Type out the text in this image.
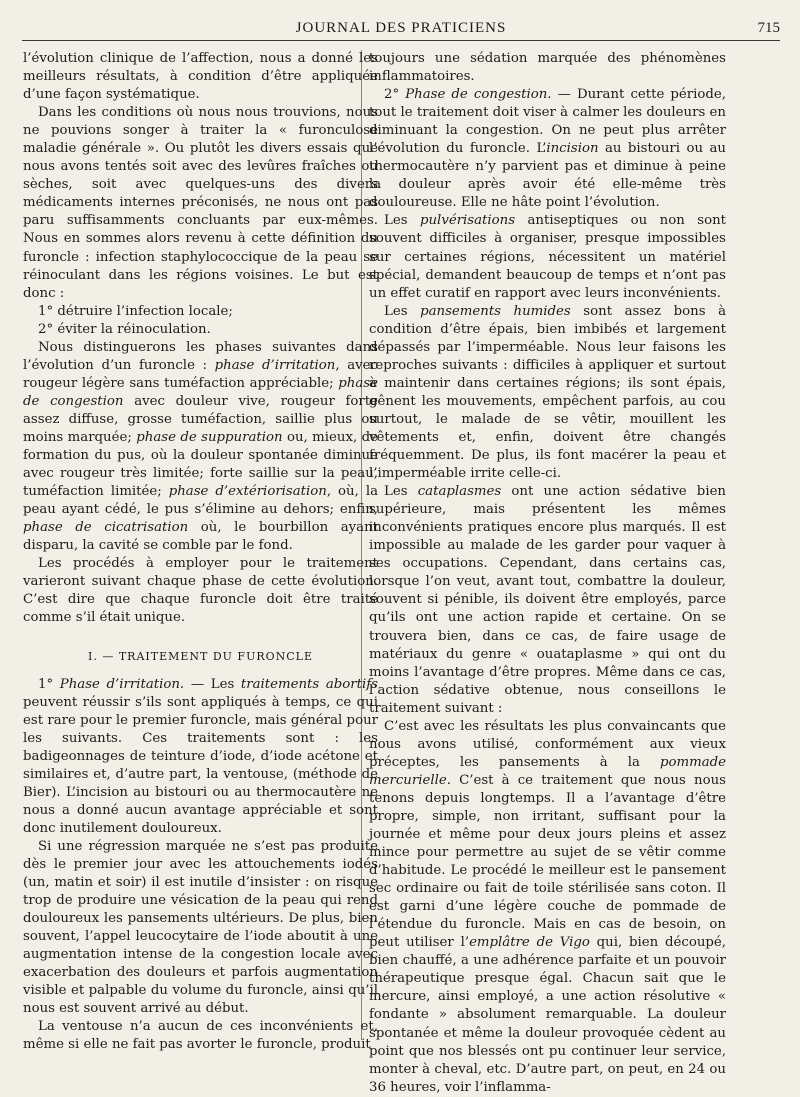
JOURNAL DES PRATICIENS	715

l’évolution clinique de l’affection, nous a donné les meilleurs résultats, à condition d’être appliquée d’une façon systématique.

Dans les conditions où nous nous trouvions, nous ne pouvions songer à traiter la « furonculose maladie générale ». Ou plutôt les divers essais que nous avons tentés soit avec des levûres fraîches ou sèches, soit avec quelques-uns des divers médicaments internes préconisés, ne nous ont pas paru suffisamments concluants par eux-mêmes. Nous en sommes alors revenu à cette définition du furoncle : infection staphylococcique de la peau se réinoculant dans les régions voisines. Le but est donc :

1° détruire l’infection locale;

2° éviter la réinoculation.

Nous distinguerons les phases suivantes dans l’évolution d’un furoncle : phase d’irritation, avec rougeur légère sans tuméfaction appréciable; phase de congestion avec douleur vive, rougeur forte assez diffuse, grosse tuméfaction, saillie plus ou moins marquée; phase de suppuration ou, mieux, de formation du pus, où la douleur spontanée diminue avec rougeur très limitée; forte saillie sur la peau, tuméfaction limitée; phase d’extériorisation, où, la peau ayant cédé, le pus s’élimine au dehors; enfin, phase de cicatrisation où, le bourbillon ayant disparu, la cavité se comble par le fond.

Les procédés à employer pour le traitement varieront suivant chaque phase de cette évolution. C’est dire que chaque furoncle doit être traité comme s’il était unique.

I. — TRAITEMENT DU FURONCLE

1° Phase d’irritation. — Les traitements abortifs peuvent réussir s’ils sont appliqués à temps, ce qui est rare pour le premier furoncle, mais général pour les suivants. Ces traitements sont : les badigeonnages de teinture d’iode, d’iode acétone et similaires et, d’autre part, la ventouse, (méthode de Bier). L’incision au bistouri ou au thermocautère ne nous a donné aucun avantage appréciable et sont donc inutilement douloureux.

Si une régression marquée ne s’est pas produite dès le premier jour avec les attouchements iodés (un, matin et soir) il est inutile d’insister : on risque trop de produire une vésication de la peau qui rend douloureux les pansements ultérieurs. De plus, bien souvent, l’appel leucocytaire de l’iode aboutit à une augmentation intense de la congestion locale avec exacerbation des douleurs et parfois augmentation visible et palpable du volume du furoncle, ainsi qu’il nous est souvent arrivé au début.

La ventouse n’a aucun de ces inconvénients et, même si elle ne fait pas avorter le furoncle, produit

toujours une sédation marquée des phénomènes inflammatoires.

2° Phase de congestion. — Durant cette période, tout le traitement doit viser à calmer les douleurs en diminuant la congestion. On ne peut plus arrêter l’évolution du furoncle. L’incision au bistouri ou au thermocautère n’y parvient pas et diminue à peine la douleur après avoir été elle-même très douloureuse. Elle ne hâte point l’évolution.

Les pulvérisations antiseptiques ou non sont souvent difficiles à organiser, presque impossibles sur certaines régions, nécessitent un matériel spécial, demandent beaucoup de temps et n’ont pas un effet curatif en rapport avec leurs inconvénients.

Les pansements humides sont assez bons à condition d’être épais, bien imbibés et largement dépassés par l’imperméable. Nous leur faisons les reproches suivants : difficiles à appliquer et surtout à maintenir dans certaines régions; ils sont épais, gênent les mouvements, empêchent parfois, au cou surtout, le malade de se vêtir, mouillent les vêtements et, enfin, doivent être changés fréquemment. De plus, ils font macérer la peau et l’imperméable irrite celle-ci.

Les cataplasmes ont une action sédative bien supérieure, mais présentent les mêmes inconvénients pratiques encore plus marqués. Il est impossible au malade de les garder pour vaquer à ses occupations. Cependant, dans certains cas, lorsque l’on veut, avant tout, combattre la douleur, souvent si pénible, ils doivent être employés, parce qu’ils ont une action rapide et certaine. On se trouvera bien, dans ce cas, de faire usage de matériaux du genre « ouataplasme » qui ont du moins l’avantage d’être propres. Même dans ce cas, l’action sédative obtenue, nous conseillons le traitement suivant :

C’est avec les résultats les plus convaincants que nous avons utilisé, conformément aux vieux préceptes, les pansements à la pommade mercurielle. C’est à ce traitement que nous nous tenons depuis longtemps. Il a l’avantage d’être propre, simple, non irritant, suffisant pour la journée et même pour deux jours pleins et assez mince pour permettre au sujet de se vêtir comme d’habitude. Le procédé le meilleur est le pansement sec ordinaire ou fait de toile stérilisée sans coton. Il est garni d’une légère couche de pommade de l’étendue du furoncle. Mais en cas de besoin, on peut utiliser l’emplâtre de Vigo qui, bien découpé, bien chauffé, a une adhérence parfaite et un pouvoir thérapeutique presque égal. Chacun sait que le mercure, ainsi employé, a une action résolutive « fondante » absolument remarquable. La douleur spontanée et même la douleur provoquée cèdent au point que nos blessés ont pu continuer leur service, monter à cheval, etc. D’autre part, on peut, en 24 ou 36 heures, voir l’inflamma-
